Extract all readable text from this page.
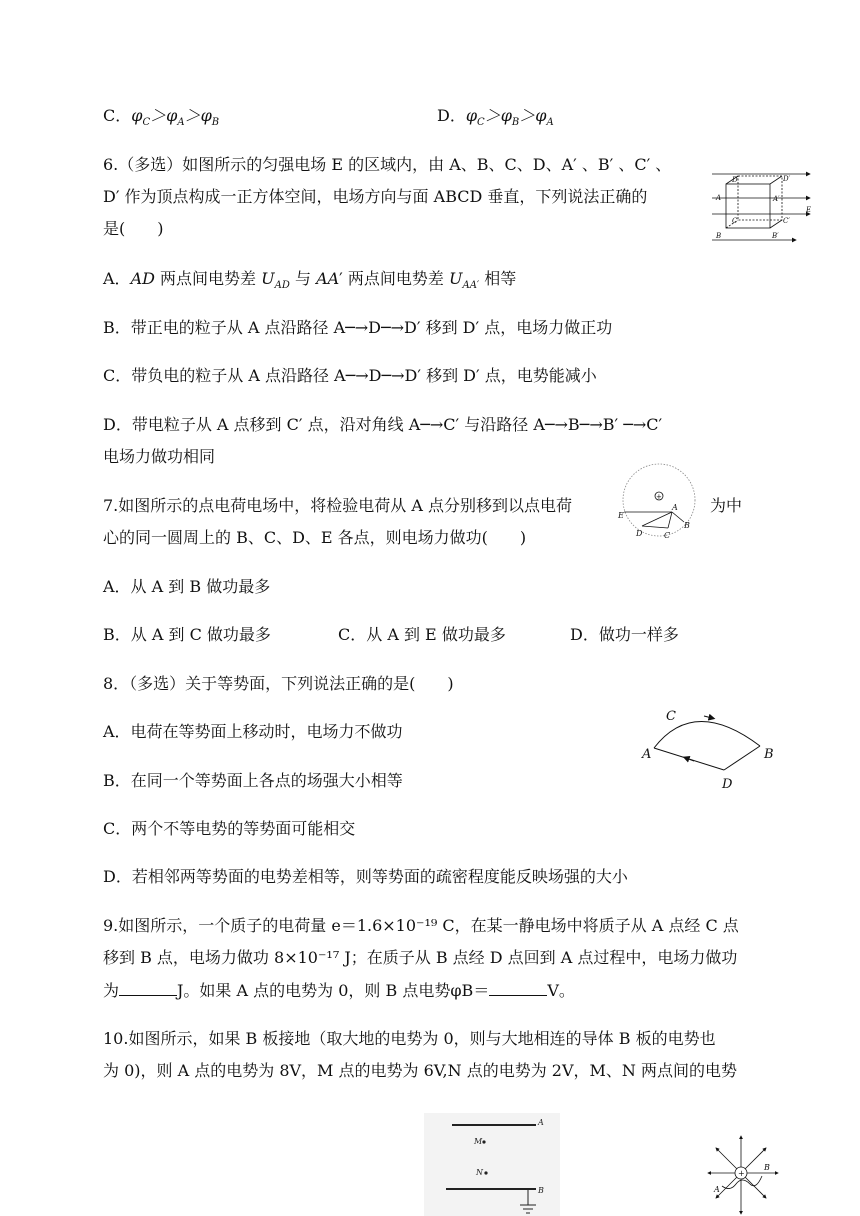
C．$\varphi_C>\varphi_A>\varphi_B$	D．$\varphi_C>\varphi_B>\varphi_A$
6.（多选）如图所示的匀强电场 E 的区域内，由 A、B、C、D、A′ 、B′ 、C′ 、
D′ 作为顶点构成一正方体空间，电场方向与面 ABCD 垂直，下列说法正确的
是(　　)
D	D′
A	A′
C	C′
B	B′
E
A．AD 两点间电势差 $U_{AD}$ 与 AA′ 两点间电势差 $U_{AA'}$ 相等
B．带正电的粒子从 A 点沿路径 A─→D─→D′ 移到 D′ 点，电场力做正功
C．带负电的粒子从 A 点沿路径 A─→D─→D′ 移到 D′ 点，电势能减小
D．带电粒子从 A 点移到 C′ 点，沿对角线 A─→C′ 与沿路径 A─→B─→B′ ─→C′
电场力做功相同
7.如图所示的点电荷电场中，将检验电荷从 A 点分别移到以点电荷	+
A
B
C
D
E
为中
心的同一圆周上的 B、C、D、E 各点，则电场力做功(　　)
A．从 A 到 B 做功最多
B．从 A 到 C 做功最多	C．从 A 到 E 做功最多	D．做功一样多
8．（多选）关于等势面，下列说法正确的是(　　)
C
A	B
D
A．电荷在等势面上移动时，电场力不做功
B．在同一个等势面上各点的场强大小相等
C．两个不等电势的等势面可能相交
D．若相邻两等势面的电势差相等，则等势面的疏密程度能反映场强的大小
9.如图所示，一个质子的电荷量 e＝1.6×10⁻¹⁹ C，在某一静电场中将质子从 A 点经 C 点
移到 B 点，电场力做功 8×10⁻¹⁷ J；在质子从 B 点经 D 点回到 A 点过程中，电场力做功
为	J。如果 A 点的电势为 0，则 B 点电势φB＝	V。
10.如图所示，如果 B 板接地（取大地的电势为 0，则与大地相连的导体 B 板的电势也
为 0)，则 A 点的电势为 8V，M 点的电势为 6V,N 点的电势为 2V，M、N 两点间的电势
A
M
N
B
+
A
B
